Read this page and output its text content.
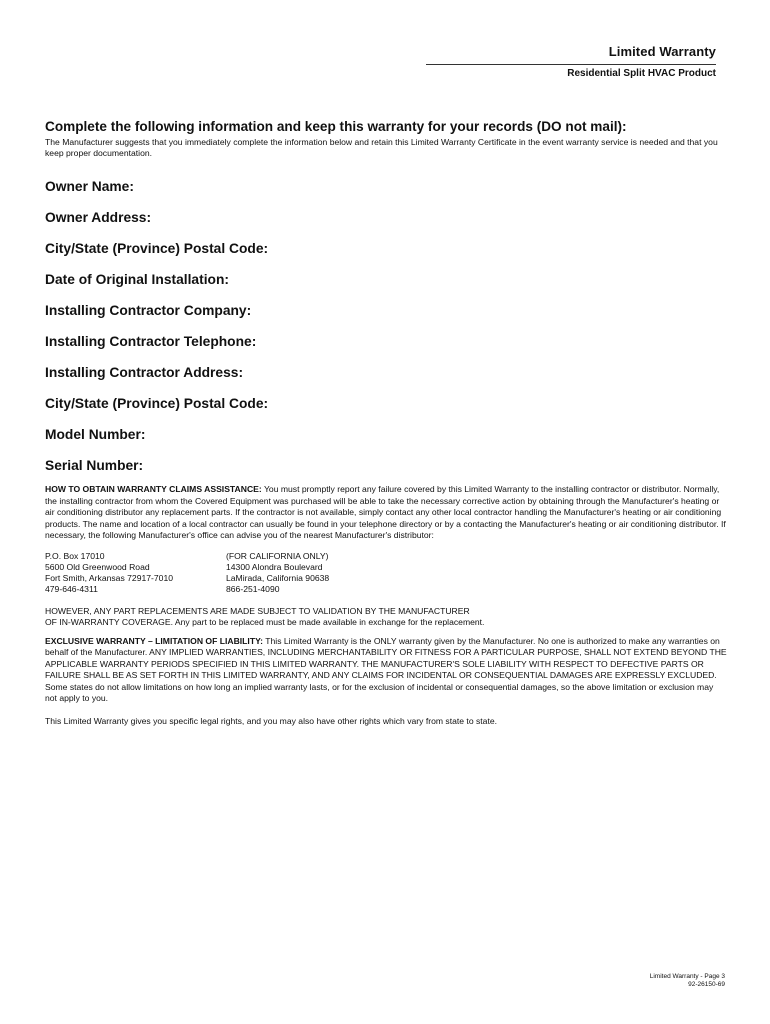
Limited Warranty
Residential Split HVAC Product
Complete the following information and keep this warranty for your records (DO not mail):
The Manufacturer suggests that you immediately complete the information below and retain this Limited Warranty Certificate in the event warranty service is needed and that you keep proper documentation.
Owner Name:
Owner Address:
City/State (Province) Postal Code:
Date of Original Installation:
Installing Contractor Company:
Installing Contractor Telephone:
Installing Contractor Address:
City/State (Province) Postal Code:
Model Number:
Serial Number:

HOW TO OBTAIN WARRANTY CLAIMS ASSISTANCE: You must promptly report any failure covered by this Limited Warranty to the installing contractor or distributor. Normally, the installing contractor from whom the Covered Equipment was purchased will be able to take the necessary corrective action by obtaining through the Manufacturer's heating or air conditioning distributor any replacement parts. If the contractor is not available, simply contact any other local contractor handling the Manufacturer's heating or air conditioning products. The name and location of a local contractor can usually be found in your telephone directory or by a contacting the Manufacturer's heating or air conditioning distributor. If necessary, the following Manufacturer's office can advise you of the nearest Manufacturer's distributor:

P.O. Box 17010
5600 Old Greenwood Road
Fort Smith, Arkansas 72917-7010
479-646-4311
(FOR CALIFORNIA ONLY)
14300 Alondra Boulevard
LaMirada, California 90638
866-251-4090
HOWEVER, ANY PART REPLACEMENTS ARE MADE SUBJECT TO VALIDATION BY THE MANUFACTURER
OF IN-WARRANTY COVERAGE. Any part to be replaced must be made available in exchange for the replacement.
EXCLUSIVE WARRANTY – LIMITATION OF LIABILITY: This Limited Warranty is the ONLY warranty given by the Manufacturer. No one is authorized to make any warranties on behalf of the Manufacturer. ANY IMPLIED WARRANTIES, INCLUDING MERCHANTABILITY OR FITNESS FOR A PARTICULAR PURPOSE, SHALL NOT EXTEND BEYOND THE APPLICABLE WARRANTY PERIODS SPECIFIED IN THIS LIMITED WARRANTY. THE MANUFACTURER'S SOLE LIABILITY WITH RESPECT TO DEFECTIVE PARTS OR FAILURE SHALL BE AS SET FORTH IN THIS LIMITED WARRANTY, AND ANY CLAIMS FOR INCIDENTAL OR CONSEQUENTIAL DAMAGES ARE EXPRESSLY EXCLUDED.
Some states do not allow limitations on how long an implied warranty lasts, or for the exclusion of incidental or consequential damages, so the above limitation or exclusion may not apply to you.

This Limited Warranty gives you specific legal rights, and you may also have other rights which vary from state to state.

Limited Warranty - Page 3
92-26150-69
